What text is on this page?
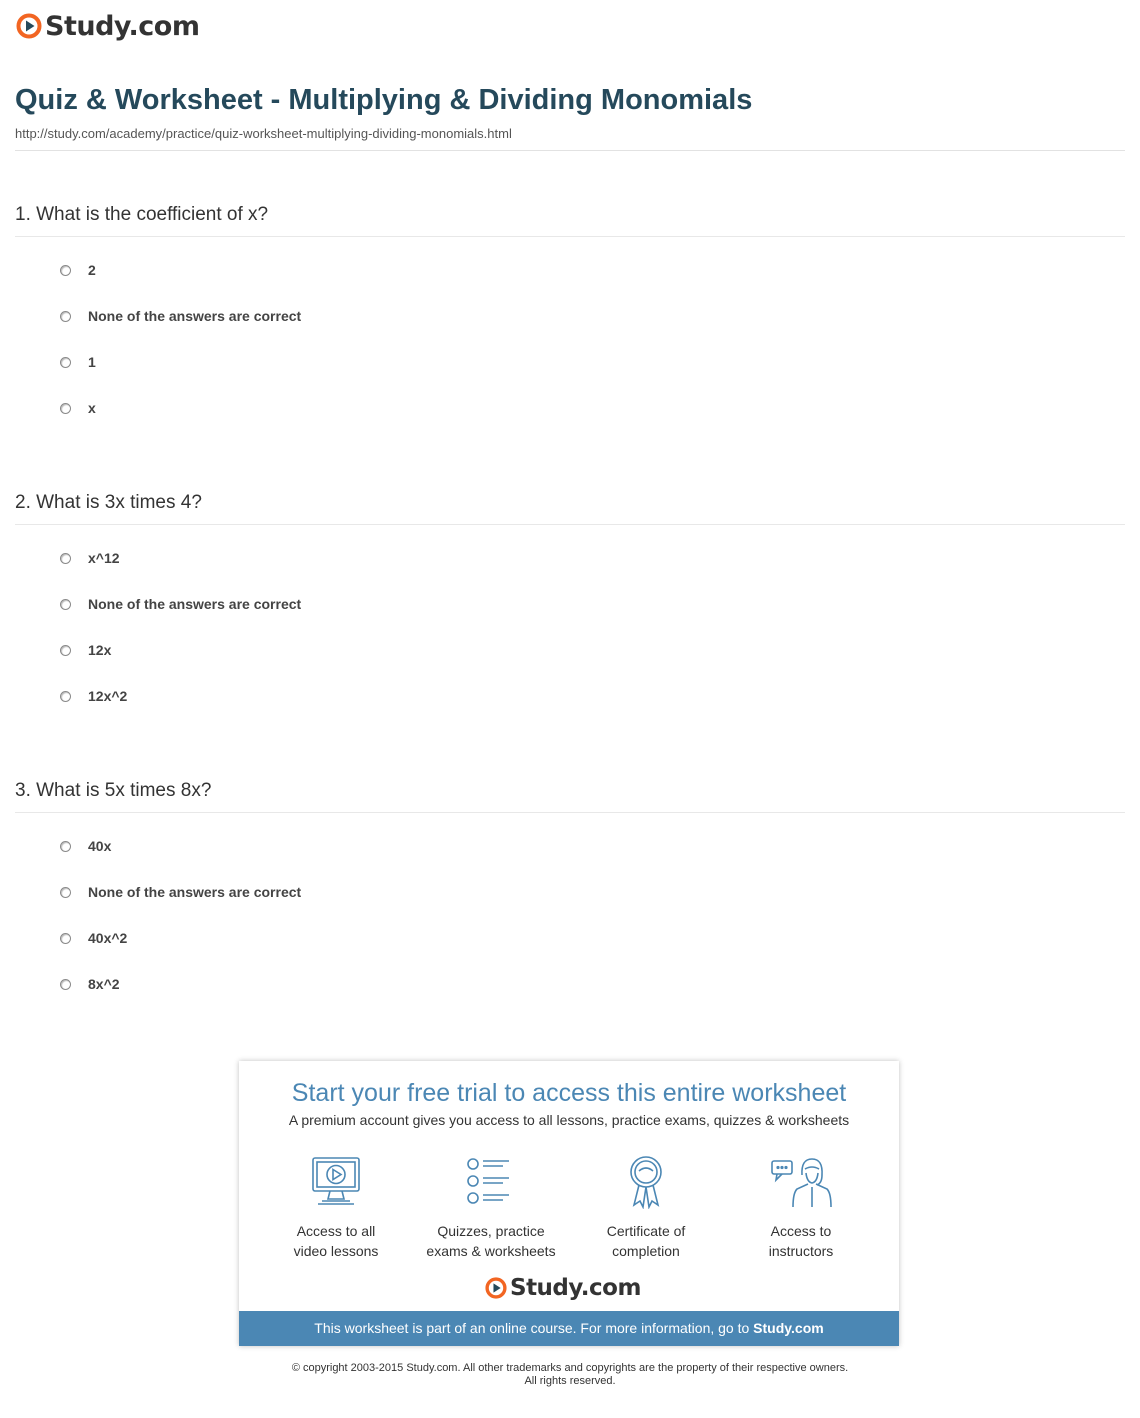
Study.com
Quiz & Worksheet - Multiplying & Dividing Monomials
http://study.com/academy/practice/quiz-worksheet-multiplying-dividing-monomials.html
1. What is the coefficient of x?
2
None of the answers are correct
1
x
2. What is 3x times 4?
x^12
None of the answers are correct
12x
12x^2
3. What is 5x times 8x?
40x
None of the answers are correct
40x^2
8x^2
Start your free trial to access this entire worksheet
A premium account gives you access to all lessons, practice exams, quizzes & worksheets
Access to all
video lessons
Quizzes, practice
exams & worksheets
Certificate of
completion
Access to
instructors
Study.com
This worksheet is part of an online course. For more information, go to Study.com
© copyright 2003-2015 Study.com. All other trademarks and copyrights are the property of their respective owners.
All rights reserved.
